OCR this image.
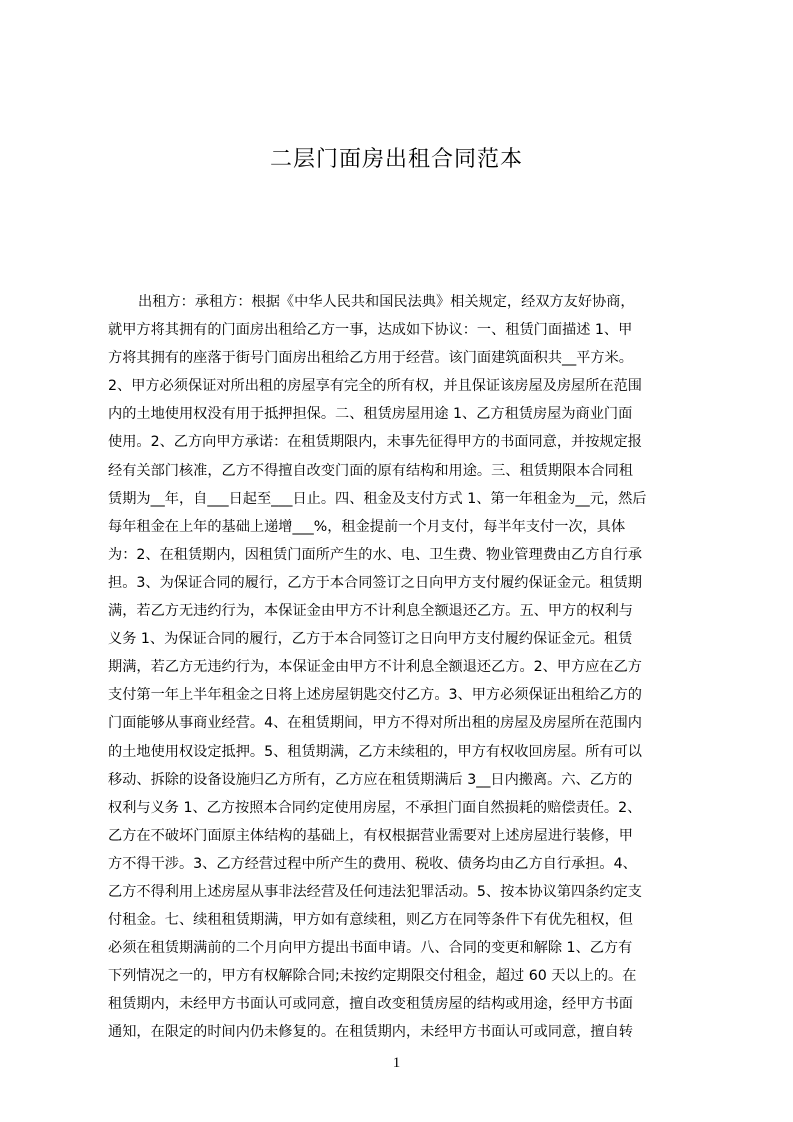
二层门面房出租合同范本
出租方：承租方：根据《中华人民共和国民法典》相关规定，经双方友好协商，
就甲方将其拥有的门面房出租给乙方一事，达成如下协议：一、租赁门面描述 1、甲
方将其拥有的座落于街号门面房出租给乙方用于经营。该门面建筑面积共__平方米。
2、甲方必须保证对所出租的房屋享有完全的所有权，并且保证该房屋及房屋所在范围
内的土地使用权没有用于抵押担保。二、租赁房屋用途 1、乙方租赁房屋为商业门面
使用。2、乙方向甲方承诺：在租赁期限内，未事先征得甲方的书面同意，并按规定报
经有关部门核准，乙方不得擅自改变门面的原有结构和用途。三、租赁期限本合同租
赁期为__年，自___日起至___日止。四、租金及支付方式 1、第一年租金为__元，然后
每年租金在上年的基础上递增___%，租金提前一个月支付，每半年支付一次，具体
为：2、在租赁期内，因租赁门面所产生的水、电、卫生费、物业管理费由乙方自行承
担。3、为保证合同的履行，乙方于本合同签订之日向甲方支付履约保证金元。租赁期
满，若乙方无违约行为，本保证金由甲方不计利息全额退还乙方。五、甲方的权利与
义务 1、为保证合同的履行，乙方于本合同签订之日向甲方支付履约保证金元。租赁
期满，若乙方无违约行为，本保证金由甲方不计利息全额退还乙方。2、甲方应在乙方
支付第一年上半年租金之日将上述房屋钥匙交付乙方。3、甲方必须保证出租给乙方的
门面能够从事商业经营。4、在租赁期间，甲方不得对所出租的房屋及房屋所在范围内
的土地使用权设定抵押。5、租赁期满，乙方未续租的，甲方有权收回房屋。所有可以
移动、拆除的设备设施归乙方所有，乙方应在租赁期满后 3__日内搬离。六、乙方的
权利与义务 1、乙方按照本合同约定使用房屋，不承担门面自然损耗的赔偿责任。2、
乙方在不破坏门面原主体结构的基础上，有权根据营业需要对上述房屋进行装修，甲
方不得干涉。3、乙方经营过程中所产生的费用、税收、债务均由乙方自行承担。4、
乙方不得利用上述房屋从事非法经营及任何违法犯罪活动。5、按本协议第四条约定支
付租金。七、续租租赁期满，甲方如有意续租，则乙方在同等条件下有优先租权，但
必须在租赁期满前的二个月向甲方提出书面申请。八、合同的变更和解除 1、乙方有
下列情况之一的，甲方有权解除合同;未按约定期限交付租金，超过 60 天以上的。在
租赁期内，未经甲方书面认可或同意，擅自改变租赁房屋的结构或用途，经甲方书面
通知，在限定的时间内仍未修复的。在租赁期内，未经甲方书面认可或同意，擅自转
1
